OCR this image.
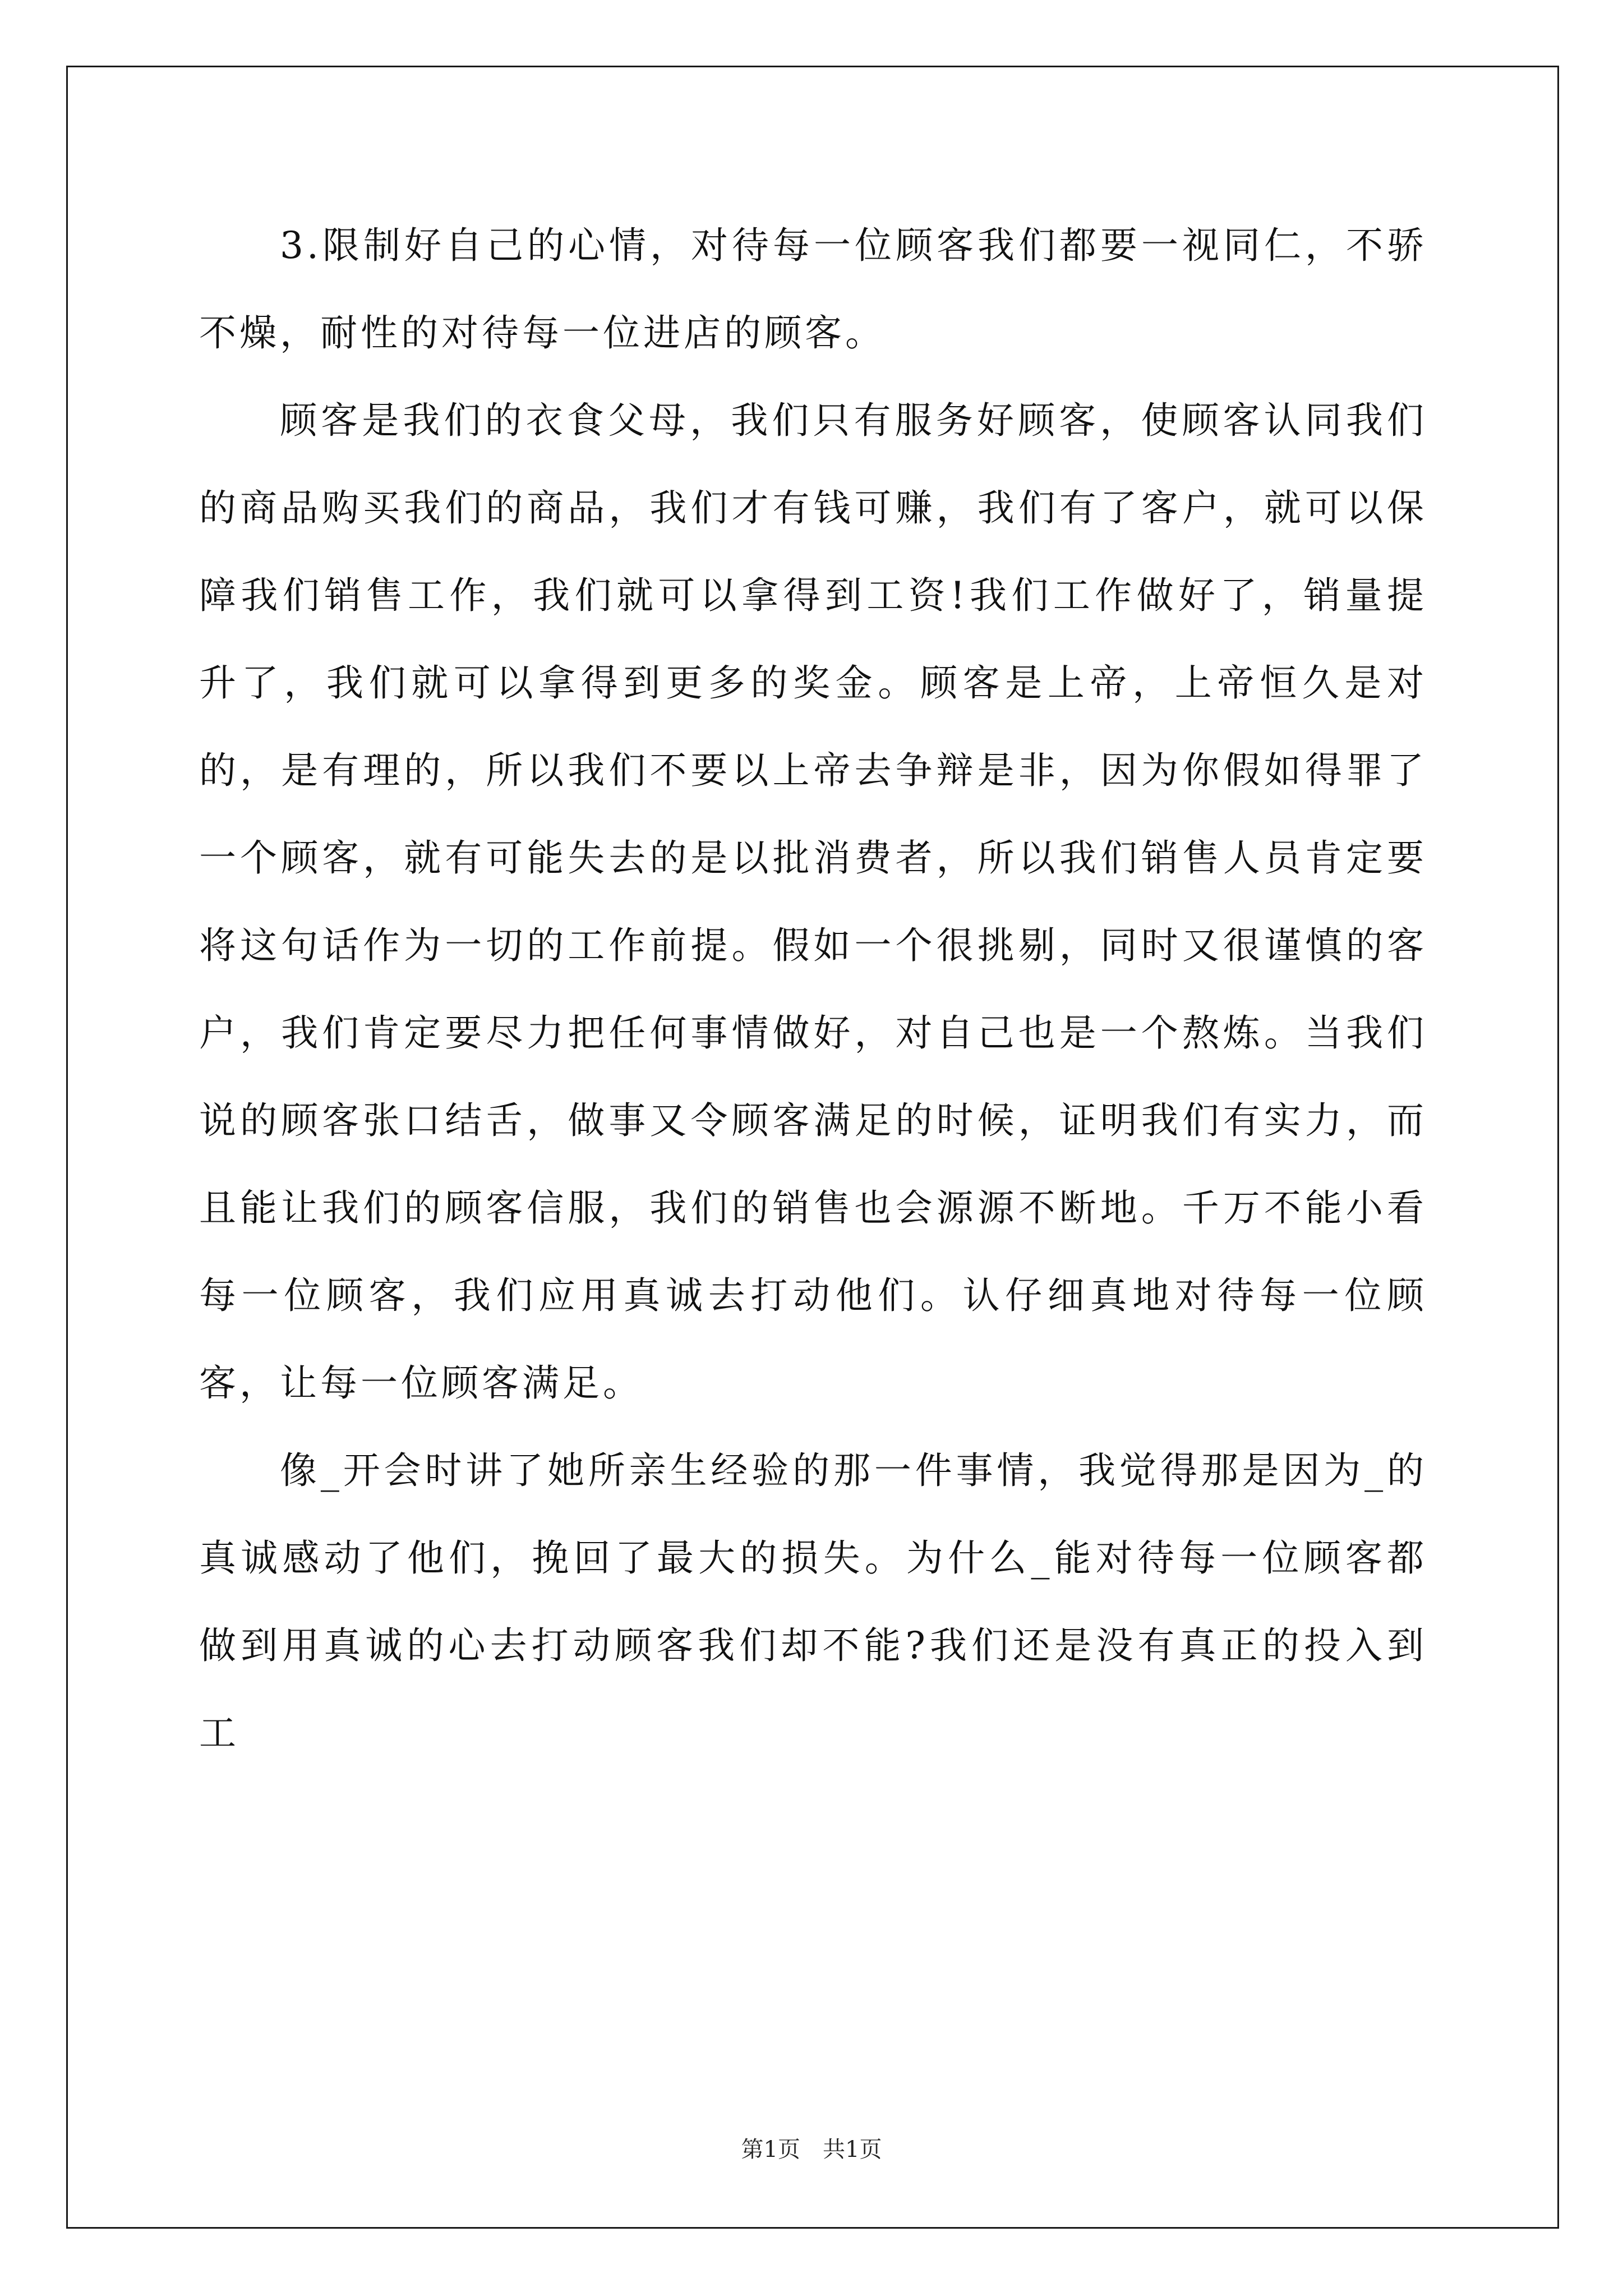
3.限制好自己的心情，对待每一位顾客我们都要一视同仁，不骄不燥，耐性的对待每一位进店的顾客。

顾客是我们的衣食父母，我们只有服务好顾客，使顾客认同我们的商品购买我们的商品，我们才有钱可赚，我们有了客户，就可以保障我们销售工作，我们就可以拿得到工资!我们工作做好了，销量提升了，我们就可以拿得到更多的奖金。顾客是上帝，上帝恒久是对的，是有理的，所以我们不要以上帝去争辩是非，因为你假如得罪了一个顾客，就有可能失去的是以批消费者，所以我们销售人员肯定要将这句话作为一切的工作前提。假如一个很挑剔，同时又很谨慎的客户，我们肯定要尽力把任何事情做好，对自己也是一个熬炼。当我们说的顾客张口结舌，做事又令顾客满足的时候，证明我们有实力，而且能让我们的顾客信服，我们的销售也会源源不断地。千万不能小看每一位顾客，我们应用真诚去打动他们。认仔细真地对待每一位顾客，让每一位顾客满足。

像_开会时讲了她所亲生经验的那一件事情，我觉得那是因为_的真诚感动了他们，挽回了最大的损失。为什么_能对待每一位顾客都做到用真诚的心去打动顾客我们却不能?我们还是没有真正的投入到工

第1页 共1页
